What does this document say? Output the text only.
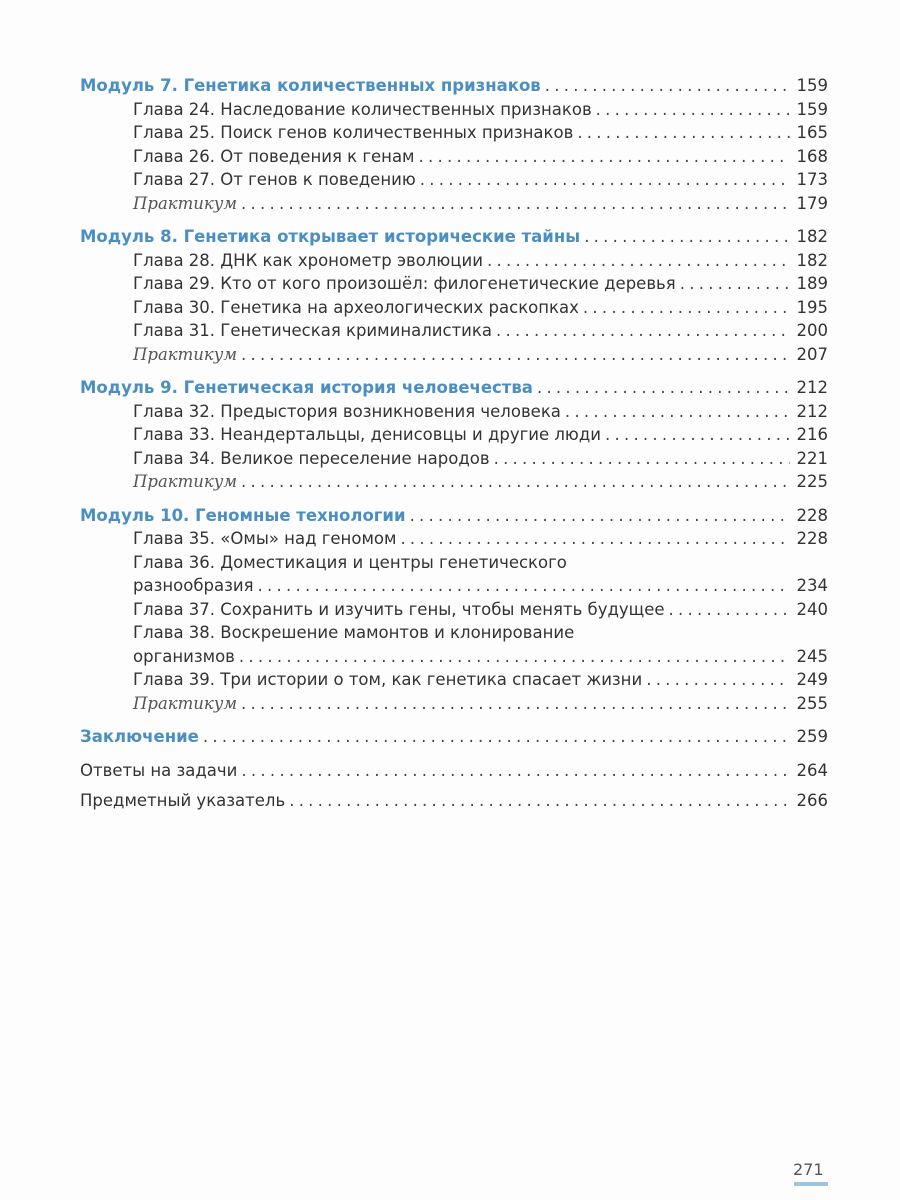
Модуль 7. Генетика количественных признаков . . .	159
Глава 24. Наследование количественных признаков . . .	159
Глава 25. Поиск генов количественных признаков . . .	165
Глава 26. От поведения к генам . . .	168
Глава 27. От генов к поведению . . .	173
Практикум . . .	179
Модуль 8. Генетика открывает исторические тайны . . .	182
Глава 28. ДНК как хронометр эволюции . . .	182
Глава 29. Кто от кого произошёл: филогенетические деревья . . .	189
Глава 30. Генетика на археологических раскопках . . .	195
Глава 31. Генетическая криминалистика . . .	200
Практикум . . .	207
Модуль 9. Генетическая история человечества . . .	212
Глава 32. Предыстория возникновения человека . . .	212
Глава 33. Неандертальцы, денисовцы и другие люди . . .	216
Глава 34. Великое переселение народов . . .	221
Практикум . . .	225
Модуль 10. Геномные технологии . . .	228
Глава 35. «Омы» над геномом . . .	228
Глава 36. Доместикация и центры генетического
разнообразия . . .	234
Глава 37. Сохранить и изучить гены, чтобы менять будущее . . .	240
Глава 38. Воскрешение мамонтов и клонирование
организмов . . .	245
Глава 39. Три истории о том, как генетика спасает жизни . . .	249
Практикум . . .	255
Заключение . . .	259
Ответы на задачи . . .	264
Предметный указатель . . .	266
271
